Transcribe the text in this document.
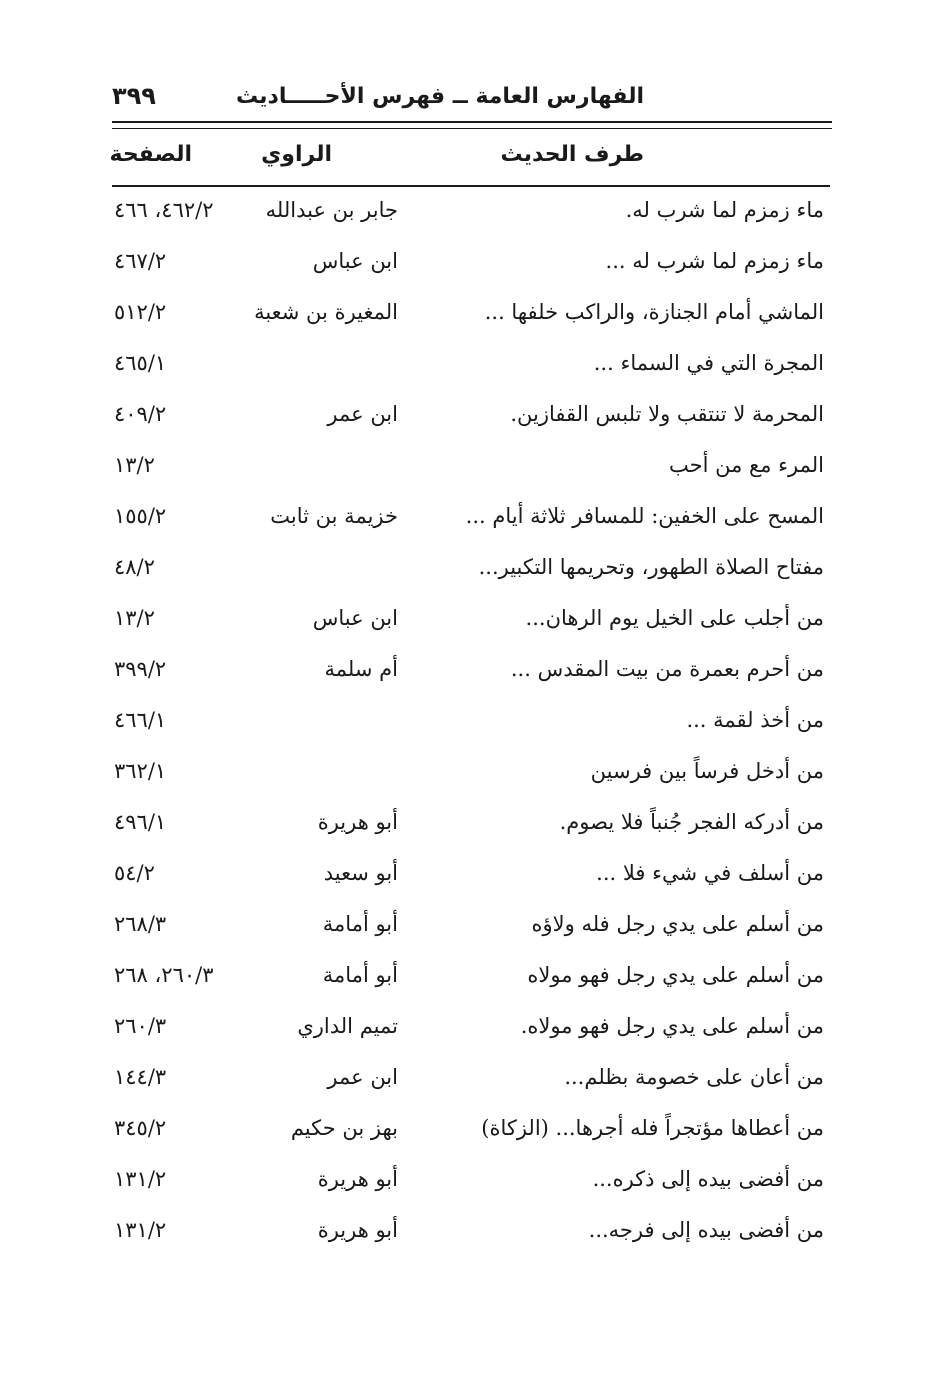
الفهارس العامة ــ فهرس الأحـــــاديث
٣٩٩
طرف الحديث
الراوي
الصفحة
ماء زمزم لما شرب له.
جابر بن عبدالله
٤٦٢/٢، ٤٦٦
ماء زمزم لما شرب له ...
ابن عباس
٤٦٧/٢
الماشي أمام الجنازة، والراكب خلفها ...
المغيرة بن شعبة
٥١٢/٢
المجرة التي في السماء ...
٤٦٥/١
المحرمة لا تنتقب ولا تلبس القفازين.
ابن عمر
٤٠٩/٢
المرء مع من أحب
١٣/٢
المسح على الخفين: للمسافر ثلاثة أيام ...
خزيمة بن ثابت
١٥٥/٢
مفتاح الصلاة الطهور، وتحريمها التكبير...
٤٨/٢
من أجلب على الخيل يوم الرهان...
ابن عباس
١٣/٢
من أحرم بعمرة من بيت المقدس ...
أم سلمة
٣٩٩/٢
من أخذ لقمة ...
٤٦٦/١
من أدخل فرساً بين فرسين
٣٦٢/١
من أدركه الفجر جُنباً فلا يصوم.
أبو هريرة
٤٩٦/١
من أسلف في شيء فلا ...
أبو سعيد
٥٤/٢
من أسلم على يدي رجل فله ولاؤه
أبو أمامة
٢٦٨/٣
من أسلم على يدي رجل فهو مولاه
أبو أمامة
٢٦٠/٣، ٢٦٨
من أسلم على يدي رجل فهو مولاه.
تميم الداري
٢٦٠/٣
من أعان على خصومة بظلم...
ابن عمر
١٤٤/٣
من أعطاها مؤتجراً فله أجرها... (الزكاة)
بهز بن حكيم
٣٤٥/٢
من أفضى بيده إلى ذكره...
أبو هريرة
١٣١/٢
من أفضى بيده إلى فرجه...
أبو هريرة
١٣١/٢
